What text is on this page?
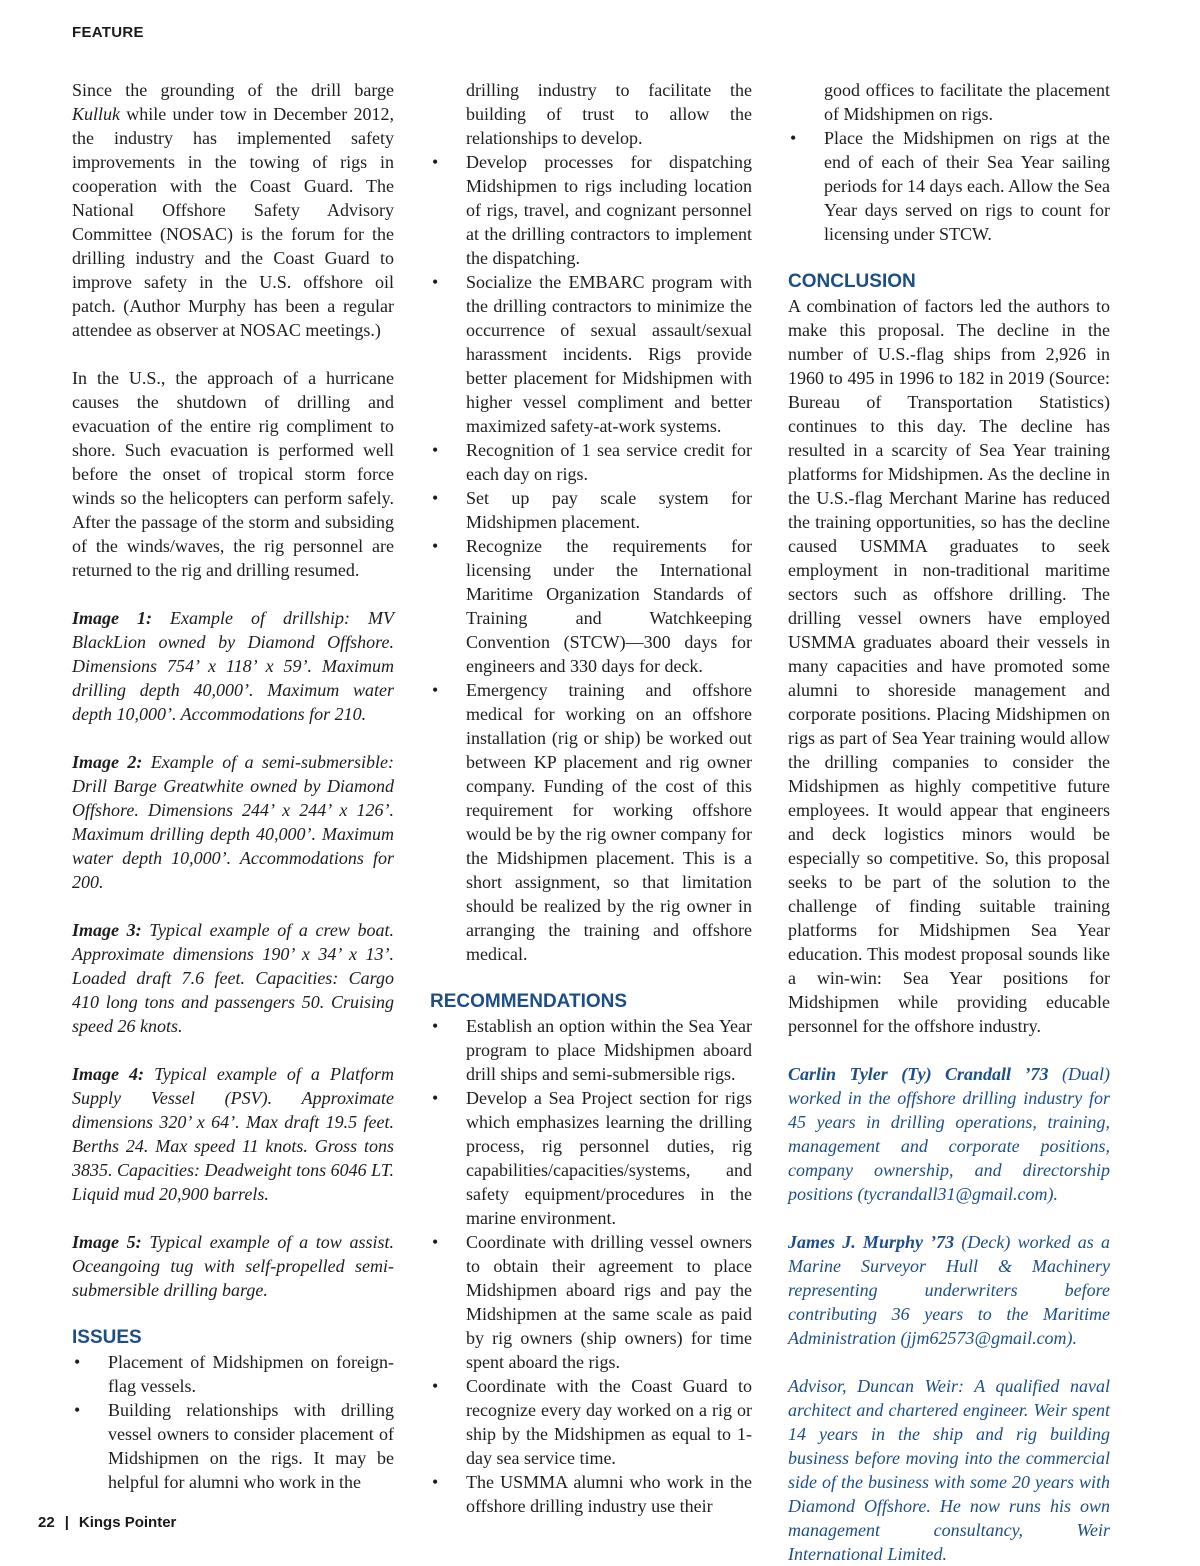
FEATURE

Since the grounding of the drill barge Kulluk while under tow in December 2012, the industry has implemented safety improvements in the towing of rigs in cooperation with the Coast Guard. The National Offshore Safety Advisory Committee (NOSAC) is the forum for the drilling industry and the Coast Guard to improve safety in the U.S. offshore oil patch. (Author Murphy has been a regular attendee as observer at NOSAC meetings.)

In the U.S., the approach of a hurricane causes the shutdown of drilling and evacuation of the entire rig compliment to shore. Such evacuation is performed well before the onset of tropical storm force winds so the helicopters can perform safely. After the passage of the storm and subsiding of the winds/waves, the rig personnel are returned to the rig and drilling resumed.

Image 1: Example of drillship: MV BlackLion owned by Diamond Offshore. Dimensions 754’ x 118’ x 59’. Maximum drilling depth 40,000’. Maximum water depth 10,000’. Accommodations for 210.

Image 2: Example of a semi-submersible: Drill Barge Greatwhite owned by Diamond Offshore. Dimensions 244’ x 244’ x 126’. Maximum drilling depth 40,000’. Maximum water depth 10,000’. Accommodations for 200.

Image 3: Typical example of a crew boat. Approximate dimensions 190’ x 34’ x 13’. Loaded draft 7.6 feet. Capacities: Cargo 410 long tons and passengers 50. Cruising speed 26 knots.

Image 4: Typical example of a Platform Supply Vessel (PSV). Approximate dimensions 320’ x 64’. Max draft 19.5 feet. Berths 24. Max speed 11 knots. Gross tons 3835. Capacities: Deadweight tons 6046 LT. Liquid mud 20,900 barrels.

Image 5: Typical example of a tow assist. Oceangoing tug with self-propelled semi-submersible drilling barge.

ISSUES
• Placement of Midshipmen on foreign-flag vessels.
• Building relationships with drilling vessel owners to consider placement of Midshipmen on the rigs. It may be helpful for alumni who work in the
drilling industry to facilitate the building of trust to allow the relationships to develop.
• Develop processes for dispatching Midshipmen to rigs including location of rigs, travel, and cognizant personnel at the drilling contractors to implement the dispatching.
• Socialize the EMBARC program with the drilling contractors to minimize the occurrence of sexual assault/sexual harassment incidents. Rigs provide better placement for Midshipmen with higher vessel compliment and better maximized safety-at-work systems.
• Recognition of 1 sea service credit for each day on rigs.
• Set up pay scale system for Midshipmen placement.
• Recognize the requirements for licensing under the International Maritime Organization Standards of Training and Watchkeeping Convention (STCW)—300 days for engineers and 330 days for deck.
• Emergency training and offshore medical for working on an offshore installation (rig or ship) be worked out between KP placement and rig owner company. Funding of the cost of this requirement for working offshore would be by the rig owner company for the Midshipmen placement. This is a short assignment, so that limitation should be realized by the rig owner in arranging the training and offshore medical.
RECOMMENDATIONS
• Establish an option within the Sea Year program to place Midshipmen aboard drill ships and semi-submersible rigs.
• Develop a Sea Project section for rigs which emphasizes learning the drilling process, rig personnel duties, rig capabilities/capacities/systems, and safety equipment/procedures in the marine environment.
• Coordinate with drilling vessel owners to obtain their agreement to place Midshipmen aboard rigs and pay the Midshipmen at the same scale as paid by rig owners (ship owners) for time spent aboard the rigs.
• Coordinate with the Coast Guard to recognize every day worked on a rig or ship by the Midshipmen as equal to 1-day sea service time.
• The USMMA alumni who work in the offshore drilling industry use their
good offices to facilitate the placement of Midshipmen on rigs.
• Place the Midshipmen on rigs at the end of each of their Sea Year sailing periods for 14 days each. Allow the Sea Year days served on rigs to count for licensing under STCW.
CONCLUSION

A combination of factors led the authors to make this proposal. The decline in the number of U.S.-flag ships from 2,926 in 1960 to 495 in 1996 to 182 in 2019 (Source: Bureau of Transportation Statistics) continues to this day. The decline has resulted in a scarcity of Sea Year training platforms for Midshipmen. As the decline in the U.S.-flag Merchant Marine has reduced the training opportunities, so has the decline caused USMMA graduates to seek employment in non-traditional maritime sectors such as offshore drilling. The drilling vessel owners have employed USMMA graduates aboard their vessels in many capacities and have promoted some alumni to shoreside management and corporate positions. Placing Midshipmen on rigs as part of Sea Year training would allow the drilling companies to consider the Midshipmen as highly competitive future employees. It would appear that engineers and deck logistics minors would be especially so competitive. So, this proposal seeks to be part of the solution to the challenge of finding suitable training platforms for Midshipmen Sea Year education. This modest proposal sounds like a win-win: Sea Year positions for Midshipmen while providing educable personnel for the offshore industry.

Carlin Tyler (Ty) Crandall ’73 (Dual) worked in the offshore drilling industry for 45 years in drilling operations, training, management and corporate positions, company ownership, and directorship positions (tycrandall31@gmail.com).

James J. Murphy ’73 (Deck) worked as a Marine Surveyor Hull & Machinery representing underwriters before contributing 36 years to the Maritime Administration (jjm62573@gmail.com).

Advisor, Duncan Weir: A qualified naval architect and chartered engineer. Weir spent 14 years in the ship and rig building business before moving into the commercial side of the business with some 20 years with Diamond Offshore. He now runs his own management consultancy, Weir International Limited.

22 | Kings Pointer
